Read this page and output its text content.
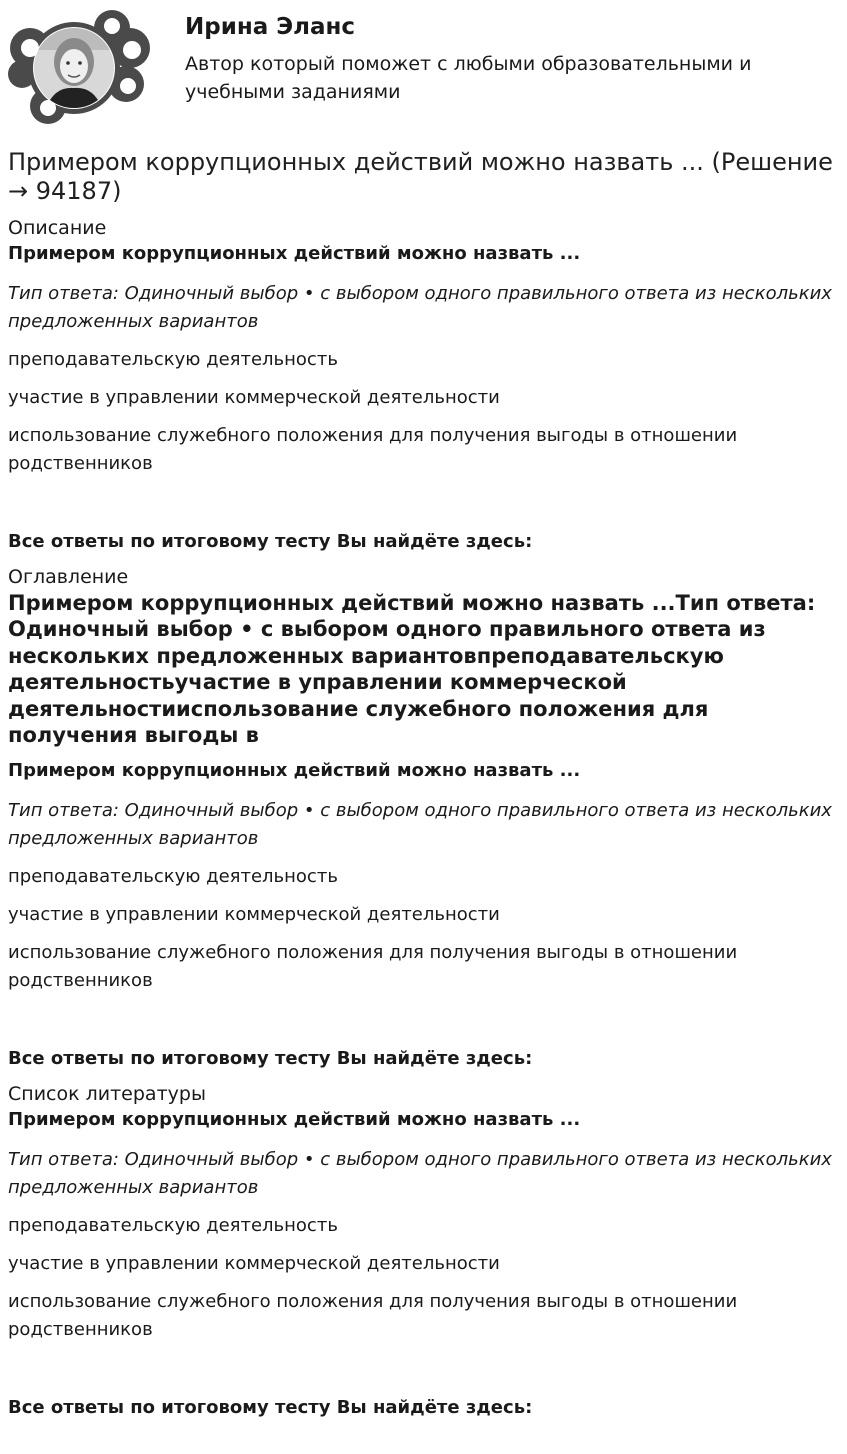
Ирина Эланс
Автор который поможет с любыми образовательными и учебными заданиями
Примером коррупционных действий можно назвать ... (Решение → 94187)
Описание
Примером коррупционных действий можно назвать ...
Тип ответа: Одиночный выбор • с выбором одного правильного ответа из нескольких предложенных вариантов
преподавательскую деятельность
участие в управлении коммерческой деятельности
использование служебного положения для получения выгоды в отношении родственников
Все ответы по итоговому тесту Вы найдёте здесь:
Оглавление
Примером коррупционных действий можно назвать ...Тип ответа: Одиночный выбор • с выбором одного правильного ответа из нескольких предложенных вариантовпреподавательскую деятельностьучастие в управлении коммерческой деятельностииспользование служебного положения для получения выгоды в
Примером коррупционных действий можно назвать ...
Тип ответа: Одиночный выбор • с выбором одного правильного ответа из нескольких предложенных вариантов
преподавательскую деятельность
участие в управлении коммерческой деятельности
использование служебного положения для получения выгоды в отношении родственников
Все ответы по итоговому тесту Вы найдёте здесь:
Список литературы
Примером коррупционных действий можно назвать ...
Тип ответа: Одиночный выбор • с выбором одного правильного ответа из нескольких предложенных вариантов
преподавательскую деятельность
участие в управлении коммерческой деятельности
использование служебного положения для получения выгоды в отношении родственников
Все ответы по итоговому тесту Вы найдёте здесь:
